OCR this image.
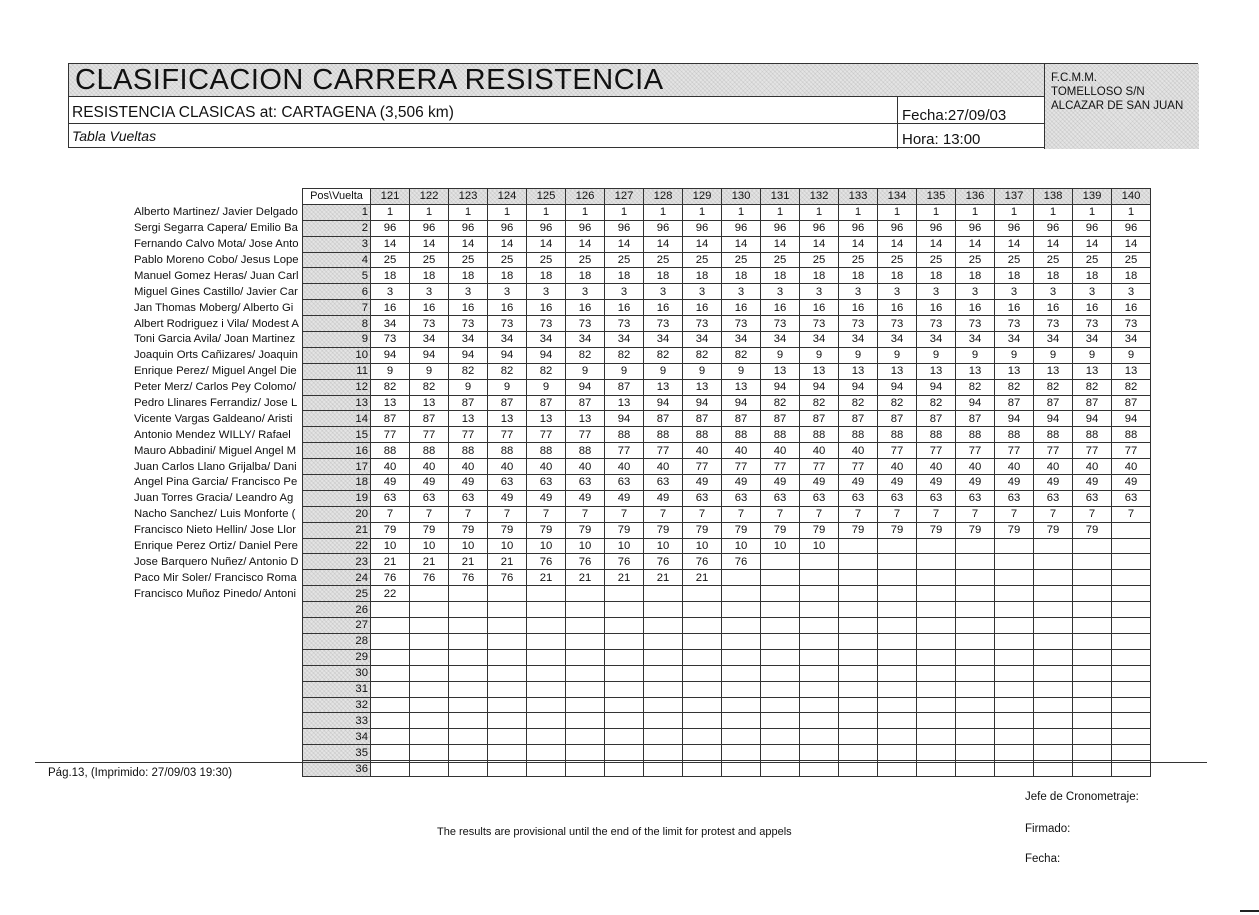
CLASIFICACION CARRERA RESISTENCIA
RESISTENCIA CLASICAS at: CARTAGENA (3,506 km)
Tabla Vueltas
Fecha:27/09/03
Hora: 13:00
F.C.M.M.
TOMELLOSO S/N
ALCAZAR DE SAN JUAN
	Pos\Vuelta	121	122	123	124	125	126	127	128	129	130	131	132	133	134	135	136	137	138	139	140
Alberto Martinez/ Javier Delgado	1	1	1	1	1	1	1	1	1	1	1	1	1	1	1	1	1	1	1	1	1
Sergi Segarra Capera/ Emilio Ba	2	96	96	96	96	96	96	96	96	96	96	96	96	96	96	96	96	96	96	96	96
Fernando Calvo Mota/ Jose Anto	3	14	14	14	14	14	14	14	14	14	14	14	14	14	14	14	14	14	14	14	14
Pablo Moreno Cobo/ Jesus Lope	4	25	25	25	25	25	25	25	25	25	25	25	25	25	25	25	25	25	25	25	25
Manuel Gomez Heras/ Juan Carl	5	18	18	18	18	18	18	18	18	18	18	18	18	18	18	18	18	18	18	18	18
Miguel Gines Castillo/ Javier Car	6	3	3	3	3	3	3	3	3	3	3	3	3	3	3	3	3	3	3	3	3
Jan Thomas Moberg/ Alberto Gi	7	16	16	16	16	16	16	16	16	16	16	16	16	16	16	16	16	16	16	16	16
Albert Rodriguez i Vila/ Modest A	8	34	73	73	73	73	73	73	73	73	73	73	73	73	73	73	73	73	73	73	73
Toni Garcia Avila/ Joan Martinez	9	73	34	34	34	34	34	34	34	34	34	34	34	34	34	34	34	34	34	34	34
Joaquin Orts Cañizares/ Joaquin	10	94	94	94	94	94	82	82	82	82	82	9	9	9	9	9	9	9	9	9	9
Enrique Perez/ Miguel Angel Die	11	9	9	82	82	82	9	9	9	9	9	13	13	13	13	13	13	13	13	13	13
Peter Merz/ Carlos Pey Colomo/	12	82	82	9	9	9	94	87	13	13	13	94	94	94	94	94	82	82	82	82	82
Pedro Llinares Ferrandiz/ Jose L	13	13	13	87	87	87	87	13	94	94	94	82	82	82	82	82	94	87	87	87	87
Vicente Vargas Galdeano/ Aristi	14	87	87	13	13	13	13	94	87	87	87	87	87	87	87	87	87	94	94	94	94
Antonio Mendez WILLY/ Rafael	15	77	77	77	77	77	77	88	88	88	88	88	88	88	88	88	88	88	88	88	88
Mauro Abbadini/ Miguel Angel M	16	88	88	88	88	88	88	77	77	40	40	40	40	40	77	77	77	77	77	77	77
Juan Carlos Llano Grijalba/ Dani	17	40	40	40	40	40	40	40	40	77	77	77	77	77	40	40	40	40	40	40	40
Angel Pina Garcia/ Francisco Pe	18	49	49	49	63	63	63	63	63	49	49	49	49	49	49	49	49	49	49	49	49
Juan Torres Gracia/ Leandro Ag	19	63	63	63	49	49	49	49	49	63	63	63	63	63	63	63	63	63	63	63	63
Nacho Sanchez/ Luis Monforte (	20	7	7	7	7	7	7	7	7	7	7	7	7	7	7	7	7	7	7	7	7
Francisco Nieto Hellin/ Jose Llor	21	79	79	79	79	79	79	79	79	79	79	79	79	79	79	79	79	79	79	79	
Enrique Perez Ortiz/ Daniel Pere	22	10	10	10	10	10	10	10	10	10	10	10	10								
Jose Barquero Nuñez/ Antonio D	23	21	21	21	21	76	76	76	76	76	76										
Paco Mir Soler/ Francisco Roma	24	76	76	76	76	21	21	21	21	21											
Francisco Muñoz Pinedo/ Antoni	25	22																			
	26																				
	27																				
	28																				
	29																				
	30																				
	31																				
	32																				
	33																				
	34																				
	35																				
	36																				
Pág.13, (Imprimido: 27/09/03 19:30)
The results are provisional until the end of the limit for protest and appels
Jefe de Cronometraje:
Firmado:
Fecha:
